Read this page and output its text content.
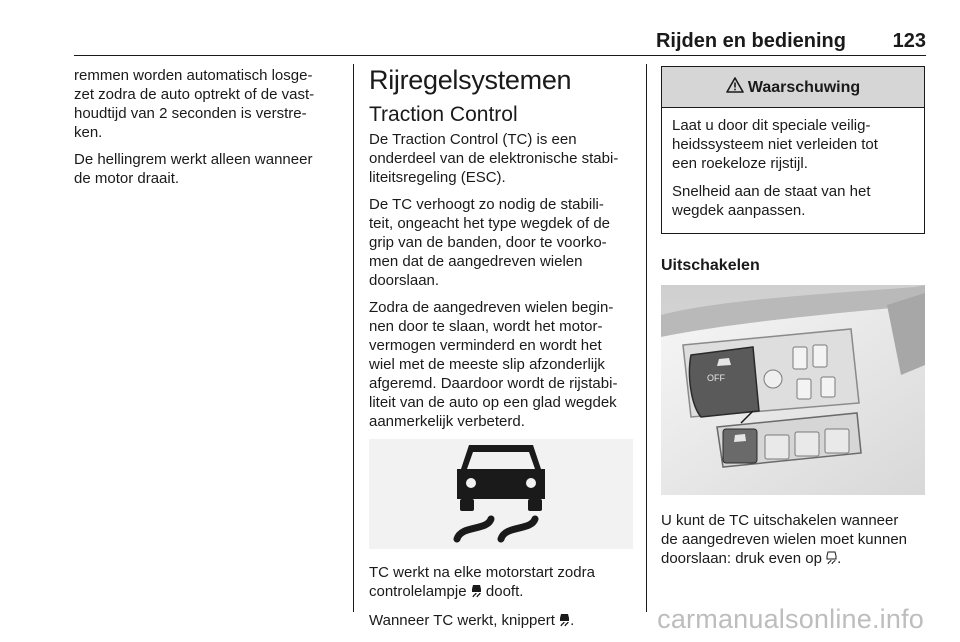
Rijden en bediening 123

remmen worden automatisch losge-
zet zodra de auto optrekt of de vast-
houdtijd van 2 seconden is verstre-
ken.

De hellingrem werkt alleen wanneer
de motor draait.

Rijregelsystemen
Traction Control

De Traction Control (TC) is een
onderdeel van de elektronische stabi-
liteitsregeling (ESC).

De TC verhoogt zo nodig de stabili-
teit, ongeacht het type wegdek of de
grip van de banden, door te voorko-
men dat de aangedreven wielen
doorslaan.

Zodra de aangedreven wielen begin-
nen door te slaan, wordt het motor-
vermogen verminderd en wordt het
wiel met de meeste slip afzonderlijk
afgeremd. Daardoor wordt de rijstabi-
liteit van de auto op een glad wegdek
aanmerkelijk verbeterd.

TC werkt na elke motorstart zodra
controlelampje  dooft.

Wanneer TC werkt, knippert .

Waarschuwing

Laat u door dit speciale veilig-
heidssysteem niet verleiden tot
een roekeloze rijstijl.

Snelheid aan de staat van het
wegdek aanpassen.

Uitschakelen
OFF

U kunt de TC uitschakelen wanneer
de aangedreven wielen moet kunnen
doorslaan: druk even op .

carmanualsonline.info
